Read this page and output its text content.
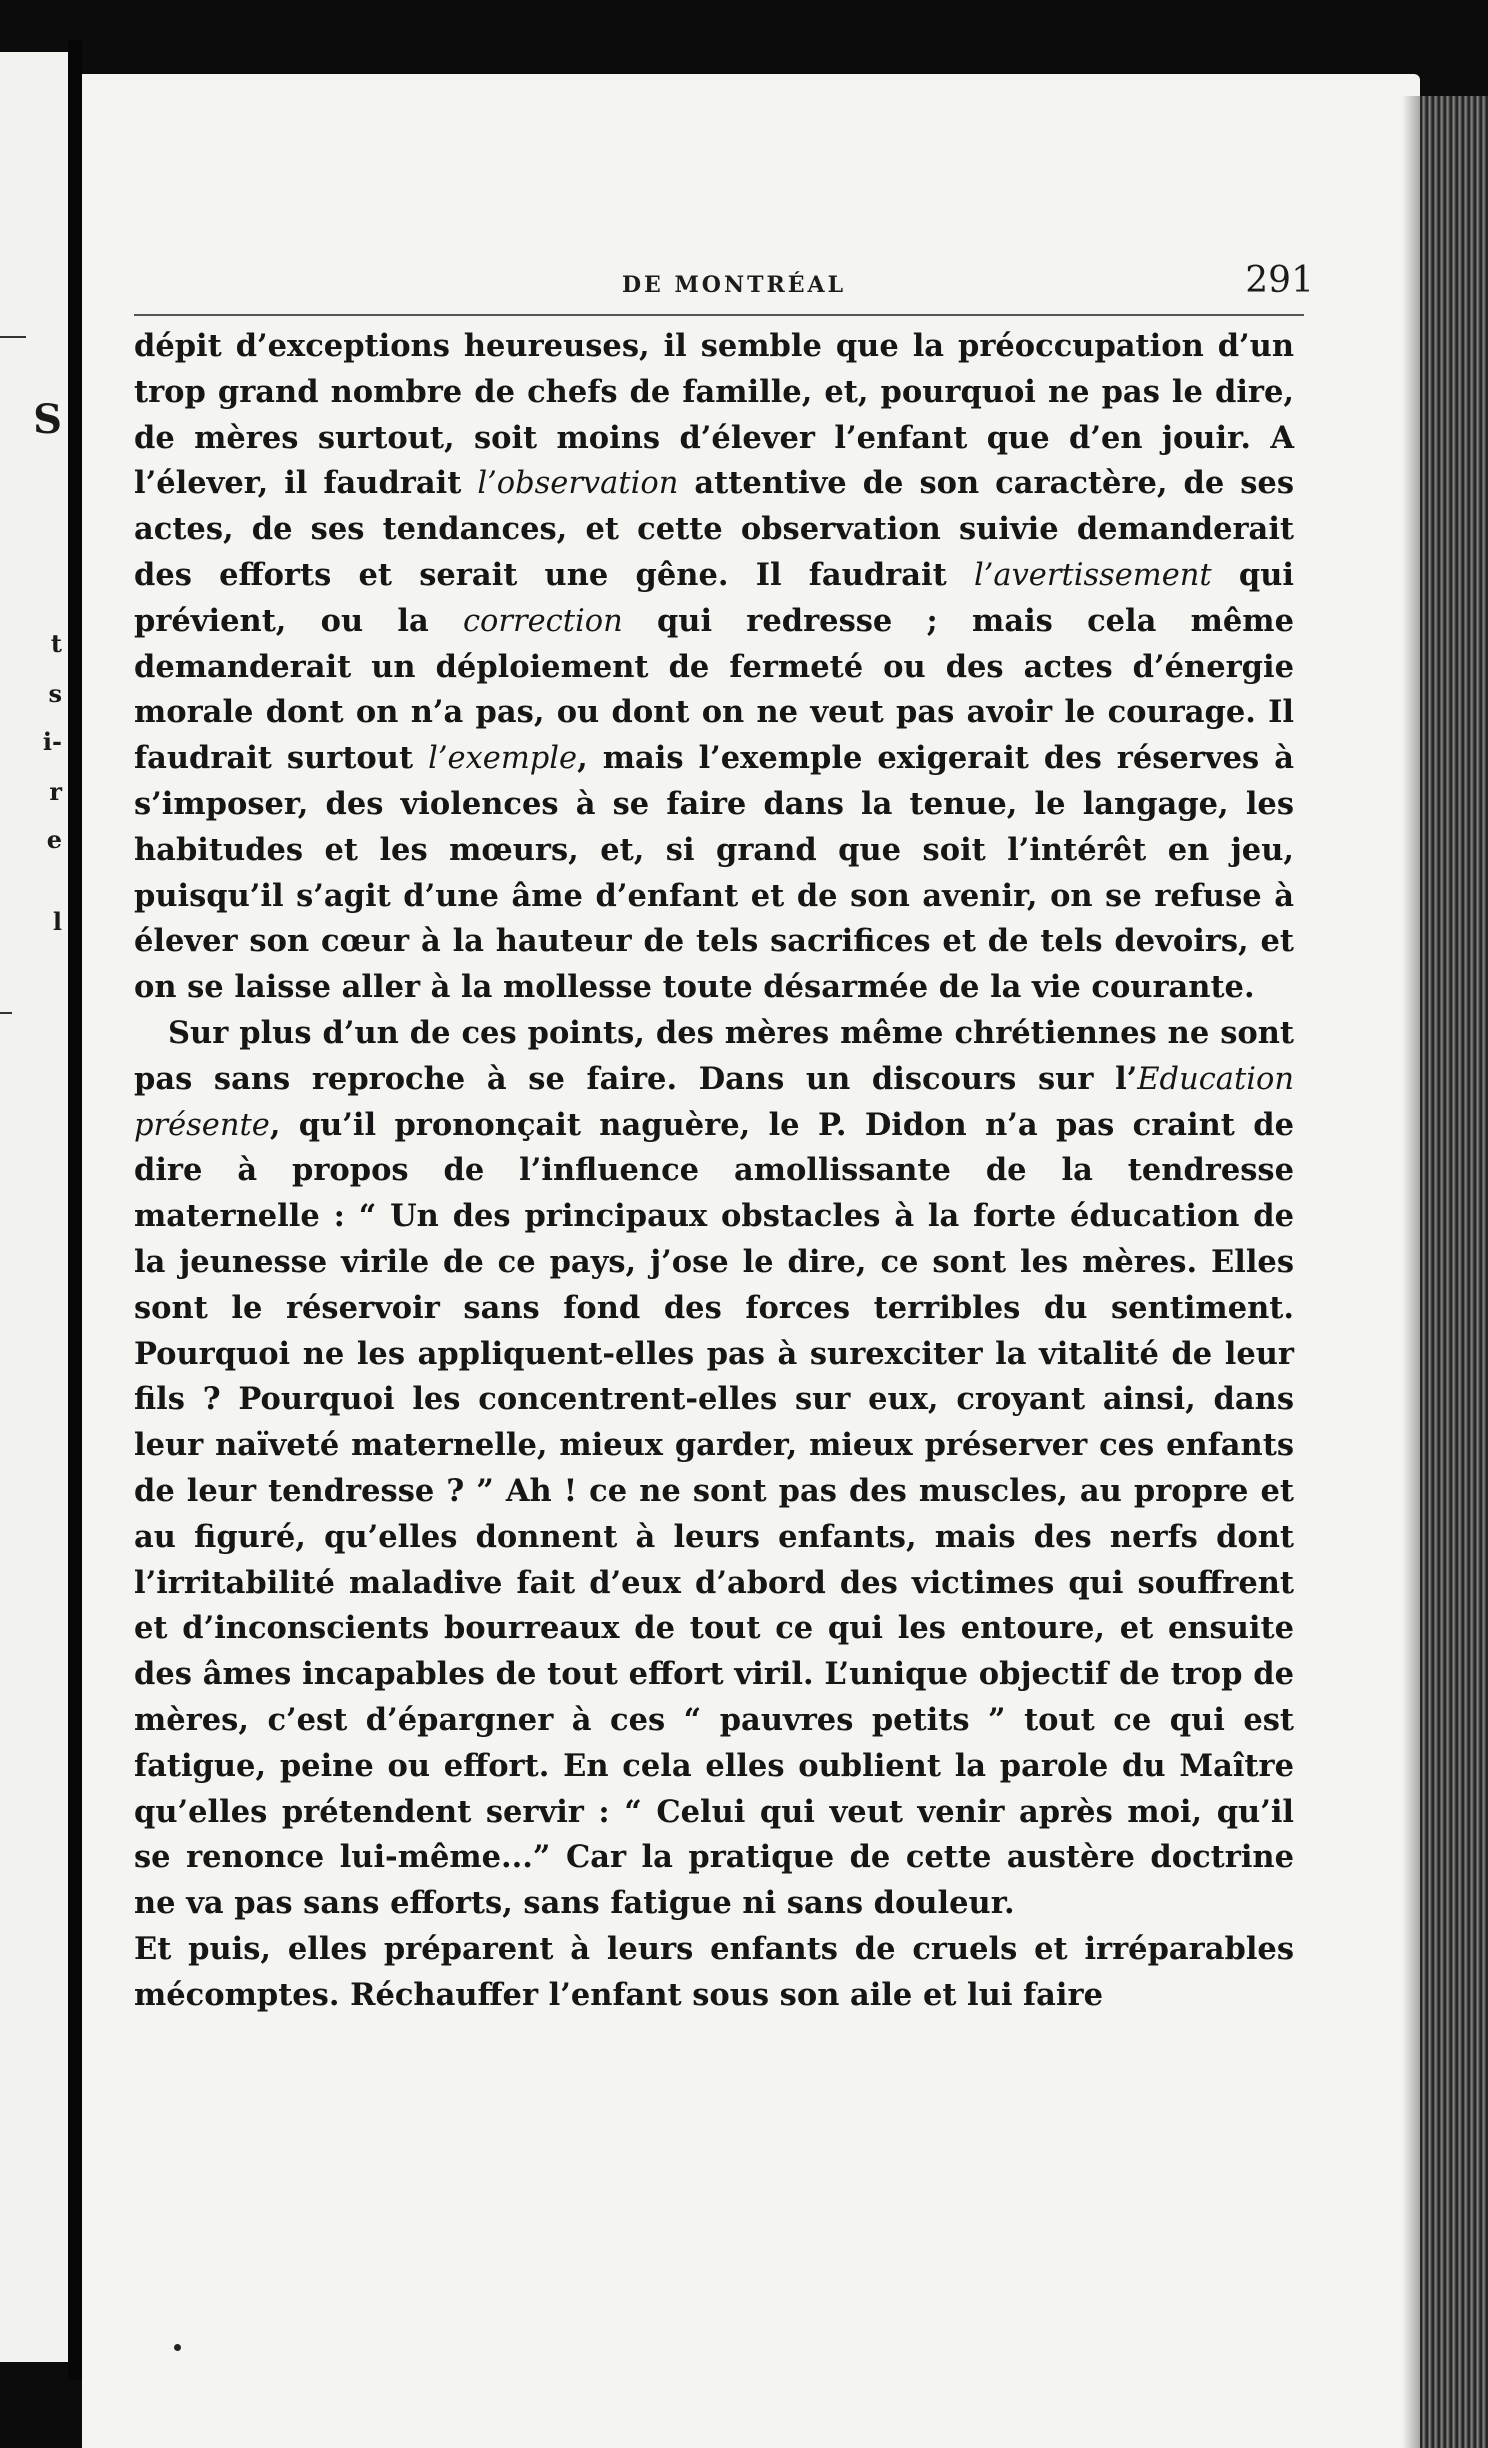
S
t
s
i-
r
e
l
DE MONTRÉAL	291

dépit d’exceptions heureuses, il semble que la préoccupation d’un trop grand nombre de chefs de famille, et, pourquoi ne pas le dire, de mères surtout, soit moins d’élever l’enfant que d’en jouir. A l’élever, il faudrait l’observation attentive de son caractère, de ses actes, de ses tendances, et cette observation suivie demanderait des efforts et serait une gêne. Il faudrait l’avertissement qui prévient, ou la correction qui redresse ; mais cela même demanderait un déploiement de fermeté ou des actes d’énergie morale dont on n’a pas, ou dont on ne veut pas avoir le courage. Il faudrait surtout l’exemple, mais l’exemple exigerait des réserves à s’imposer, des violences à se faire dans la tenue, le langage, les habitudes et les mœurs, et, si grand que soit l’intérêt en jeu, puisqu’il s’agit d’une âme d’enfant et de son avenir, on se refuse à élever son cœur à la hauteur de tels sacrifices et de tels devoirs, et on se laisse aller à la mollesse toute désarmée de la vie courante.

Sur plus d’un de ces points, des mères même chrétiennes ne sont pas sans reproche à se faire. Dans un discours sur l’Education présente, qu’il prononçait naguère, le P. Didon n’a pas craint de dire à propos de l’influence amollissante de la tendresse maternelle : “ Un des principaux obstacles à la forte éducation de la jeunesse virile de ce pays, j’ose le dire, ce sont les mères. Elles sont le réservoir sans fond des forces terribles du sentiment. Pourquoi ne les appliquent-elles pas à surexciter la vitalité de leur fils ? Pourquoi les concentrent-elles sur eux, croyant ainsi, dans leur naïveté maternelle, mieux garder, mieux préserver ces enfants de leur tendresse ? ” Ah ! ce ne sont pas des muscles, au propre et au figuré, qu’elles donnent à leurs enfants, mais des nerfs dont l’irritabilité maladive fait d’eux d’abord des victimes qui souffrent et d’inconscients bourreaux de tout ce qui les entoure, et ensuite des âmes incapables de tout effort viril. L’unique objectif de trop de mères, c’est d’épargner à ces “ pauvres petits ” tout ce qui est fatigue, peine ou effort. En cela elles oublient la parole du Maître qu’elles prétendent servir : “ Celui qui veut venir après moi, qu’il se renonce lui-même...” Car la pratique de cette austère doctrine ne va pas sans efforts, sans fatigue ni sans douleur.

Et puis, elles préparent à leurs enfants de cruels et irréparables mécomptes. Réchauffer l’enfant sous son aile et lui faire
